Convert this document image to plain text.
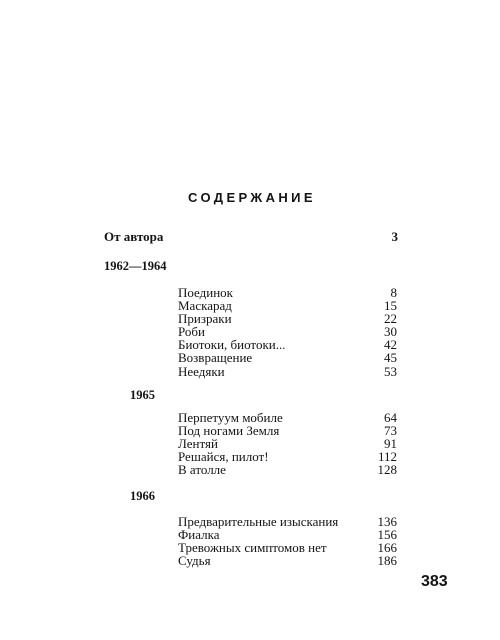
СОДЕРЖАНИЕ
От автора	3
1962—1964
Поединок	8
Маскарад	15
Призраки	22
Роби	30
Биотоки, биотоки...	42
Возвращение	45
Неедяки	53
1965
Перпетуум мобиле	64
Под ногами Земля	73
Лентяй	91
Решайся, пилот!	112
В атолле	128
1966
Предварительные изыскания	136
Фиалка	156
Тревожных симптомов нет	166
Судья	186
383
